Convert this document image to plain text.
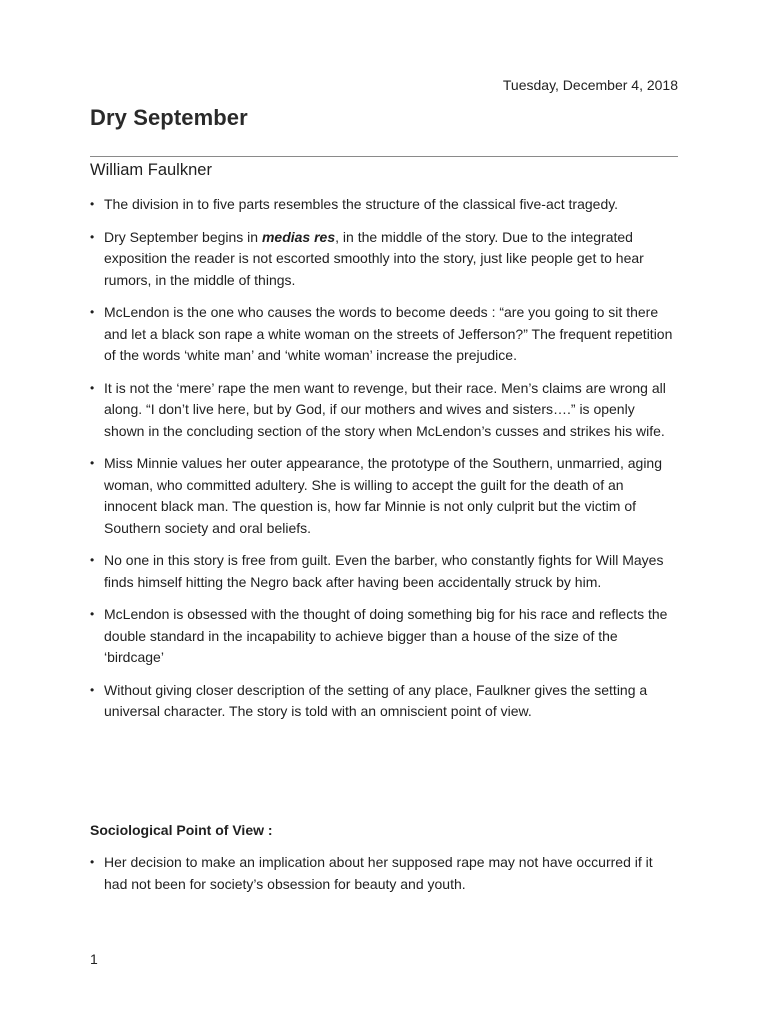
Tuesday, December 4, 2018
Dry September
William Faulkner
• The division in to five parts resembles the structure of the classical five-act tragedy.
• Dry September begins in medias res, in the middle of the story. Due to the integrated exposition the reader is not escorted smoothly into the story, just like people get to hear rumors, in the middle of things.
• McLendon is the one who causes the words to become deeds : “are you going to sit there and let a black son rape a white woman on the streets of Jefferson?” The frequent repetition of the words ‘white man’ and ‘white woman’ increase the prejudice.
• It is not the ‘mere’ rape the men want to revenge, but their race. Men’s claims are wrong all along. “I don’t live here, but by God, if our mothers and wives and sisters….” is openly shown in the concluding section of the story when McLendon’s cusses and strikes his wife.
• Miss Minnie values her outer appearance, the prototype of the Southern, unmarried, aging woman, who committed adultery. She is willing to accept the guilt for the death of an innocent black man. The question is, how far Minnie is not only culprit but the victim of Southern society and oral beliefs.
• No one in this story is free from guilt. Even the barber, who constantly fights for Will Mayes finds himself hitting the Negro back after having been accidentally struck by him.
• McLendon is obsessed with the thought of doing something big for his race and reflects the double standard in the incapability to achieve bigger than a house of the size of the ‘birdcage’
• Without giving closer description of the setting of any place, Faulkner gives the setting a universal character. The story is told with an omniscient point of view.
Sociological Point of View :
• Her decision to make an implication about her supposed rape may not have occurred if it had not been for society’s obsession for beauty and youth.
1
